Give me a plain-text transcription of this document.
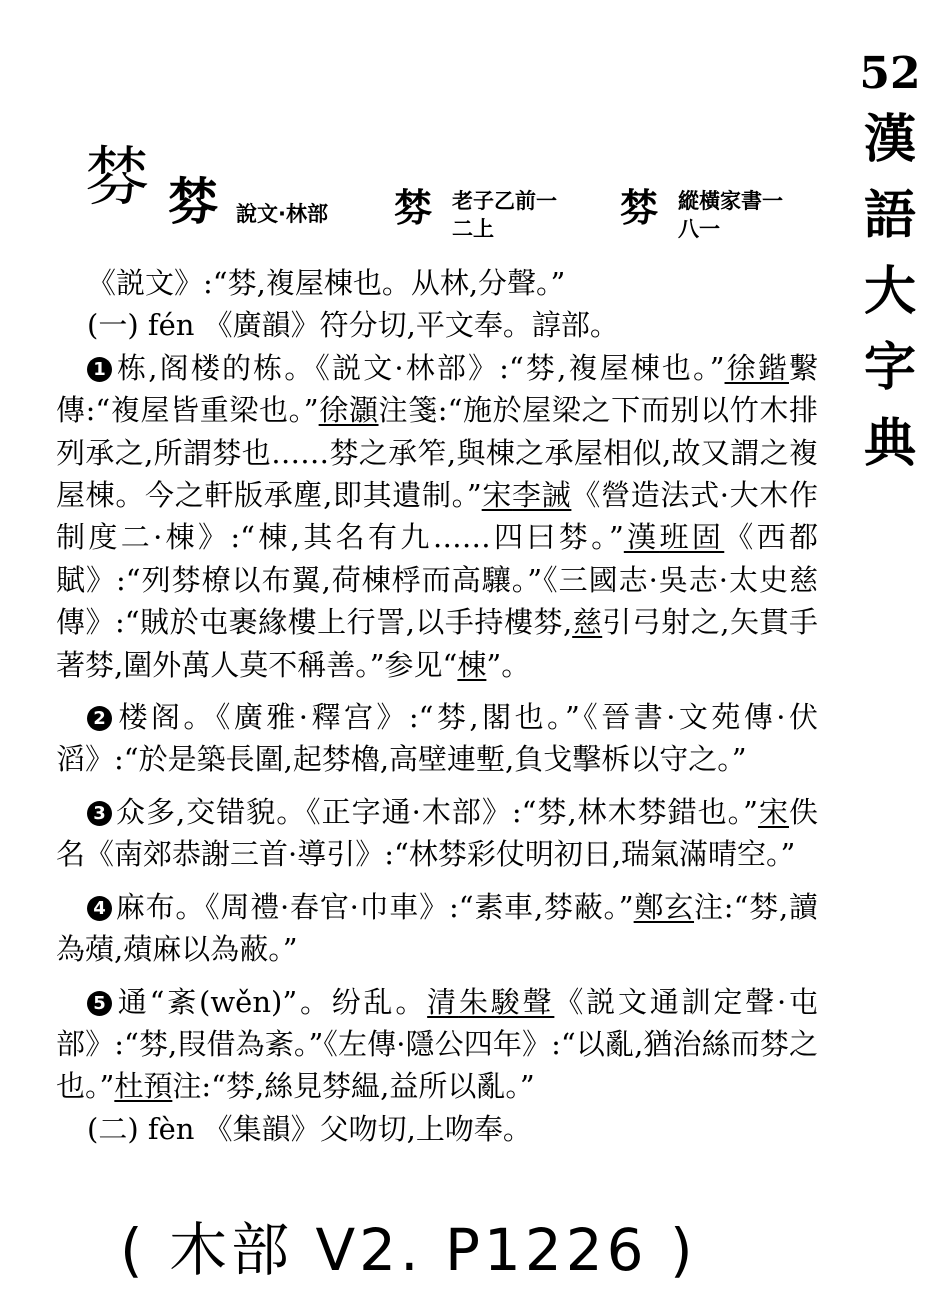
52
漢
語
大
字
典
棼 棼 說文·林部 棼 老子乙前一
二上	棼 縱橫家書一
八一

《説文》:“棼,複屋棟也。从林,分聲。”

(一) fén 《廣韻》符分切,平文奉。諄部。

1 栋,阁楼的栋。《説文·林部》:“棼,複屋棟也。”徐鍇繫傳:“複屋皆重梁也。”徐灝注箋:“施於屋梁之下而别以竹木排列承之,所謂棼也……棼之承笮,與棟之承屋相似,故又謂之複屋棟。今之軒版承塵,即其遺制。”宋李誡《營造法式·大木作制度二·棟》:“棟,其名有九……四曰棼。”漢班固《西都賦》:“列棼橑以布翼,荷棟桴而高驤。”《三國志·吳志·太史慈傳》:“賊於屯裹緣樓上行詈,以手持樓棼,慈引弓射之,矢貫手著棼,圍外萬人莫不稱善。”参见“棟”。

2 楼阁。《廣雅·釋宫》:“棼,閣也。”《晉書·文苑傳·伏滔》:“於是築長圍,起棼櫓,高壁連塹,負戈擊柝以守之。”

3 众多,交错貌。《正字通·木部》:“棼,林木棼錯也。”宋佚名《南郊恭謝三首·導引》:“林棼彩仗明初日,瑞氣滿晴空。”

4 麻布。《周禮·春官·巾車》:“素車,棼蔽。”鄭玄注:“棼,讀為薠,薠麻以為蔽。”

5 通“紊(wěn)”。纷乱。清朱駿聲《説文通訓定聲·屯部》:“棼,叚借為紊。”《左傳·隱公四年》:“以亂,猶治絲而棼之也。”杜預注:“棼,絲見棼緼,益所以亂。”

(二) fèn 《集韻》父吻切,上吻奉。

( 木部 V2. P1226 )
